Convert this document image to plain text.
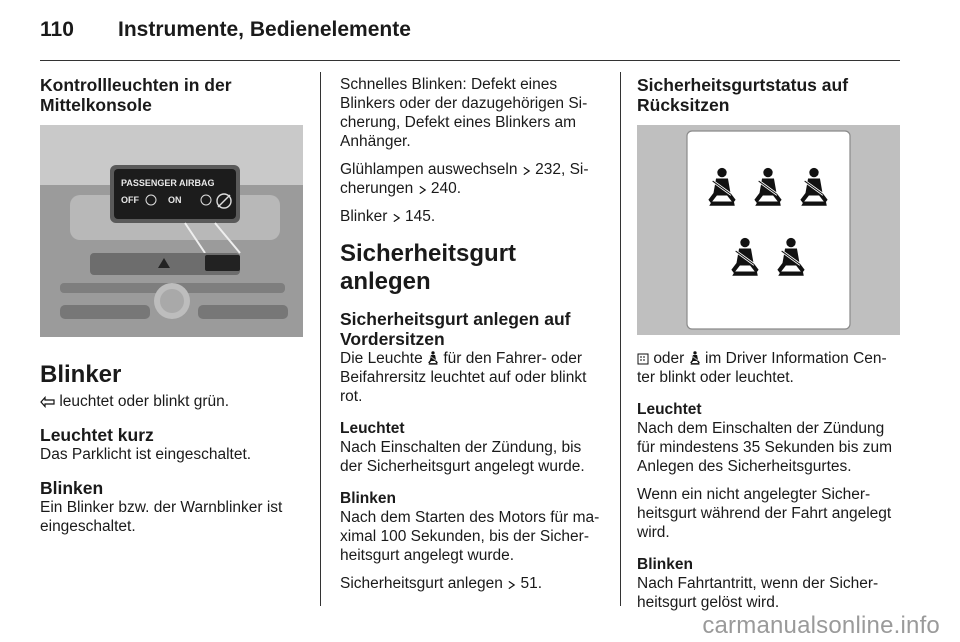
110 Instrumente, Bedienelemente
Kontrollleuchten in der Mittelkonsole
PASSENGER AIRBAG
OFF	ON
Blinker

leuchtet oder blinkt grün.

Leuchtet kurz

Das Parklicht ist eingeschaltet.

Blinken

Ein Blinker bzw. der Warnblinker ist
eingeschaltet.

Schnelles Blinken: Defekt eines
Blinkers oder der dazugehörigen Si-
cherung, Defekt eines Blinkers am
Anhänger.

Glühlampen auswechseln 232, Si-
cherungen 240.

Blinker 145.

Sicherheitsgurt anlegen
Sicherheitsgurt anlegen auf
Vordersitzen

Die Leuchte für den Fahrer- oder
Beifahrersitz leuchtet auf oder blinkt
rot.

Leuchtet

Nach Einschalten der Zündung, bis
der Sicherheitsgurt angelegt wurde.

Blinken

Nach dem Starten des Motors für ma-
ximal 100 Sekunden, bis der Sicher-
heitsgurt angelegt wurde.

Sicherheitsgurt anlegen 51.

Sicherheitsgurtstatus auf
Rücksitzen

oder im Driver Information Cen-
ter blinkt oder leuchtet.

Leuchtet

Nach dem Einschalten der Zündung
für mindestens 35 Sekunden bis zum
Anlegen des Sicherheitsgurtes.

Wenn ein nicht angelegter Sicher-
heitsgurt während der Fahrt angelegt
wird.

Blinken

Nach Fahrtantritt, wenn der Sicher-
heitsgurt gelöst wird.

carmanualsonline.info
